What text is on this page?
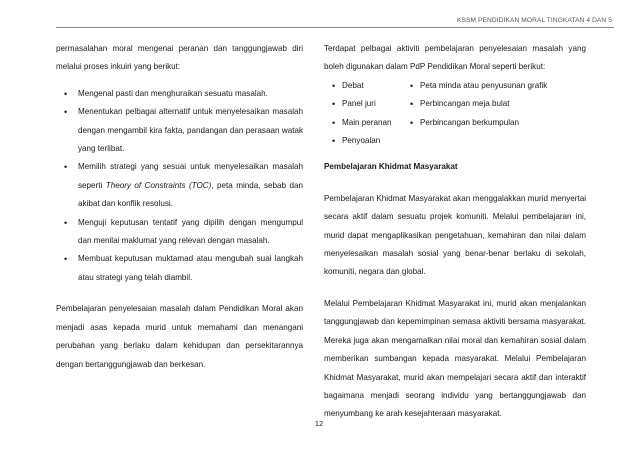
KSSM PENDIDIKAN MORAL TINGKATAN 4 DAN 5

permasalahan moral mengenai peranan dan tanggungjawab diri melalui proses inkuiri yang berikut:

• Mengenal pasti dan menghuraikan sesuatu masalah.
• Menentukan pelbagai alternatif untuk menyelesaikan masalah dengan mengambil kira fakta, pandangan dan perasaan watak yang terlibat.
• Memilih strategi yang sesuai untuk menyelesaikan masalah seperti Theory of Constraints (TOC), peta minda, sebab dan akibat dan konflik resolusi.
• Menguji keputusan tentatif yang dipilih dengan mengumpul dan menilai maklumat yang relevan dengan masalah.
• Membuat keputusan muktamad atau mengubah suai langkah atau strategi yang telah diambil.

Pembelajaran penyelesaian masalah dalam Pendidikan Moral akan menjadi asas kepada murid untuk memahami dan menangani perubahan yang berlaku dalam kehidupan dan persekitarannya dengan bertanggungjawab dan berkesan.

Terdapat pelbagai aktiviti pembelajaran penyelesaian masalah yang boleh digunakan dalam PdP Pendidikan Moral seperti berikut:

• Debat
• Panel juri
• Main peranan
• Penyoalan
• Peta minda atau penyusunan grafik
• Perbincangan meja bulat
• Perbincangan berkumpulan

Pembelajaran Khidmat Masyarakat

Pembelajaran Khidmat Masyarakat akan menggalakkan murid menyertai secara aktif dalam sesuatu projek komuniti. Melalui pembelajaran ini, murid dapat mengaplikasikan pengetahuan, kemahiran dan nilai dalam menyelesaikan masalah sosial yang benar-benar berlaku di sekolah, komuniti, negara dan global.

Melalui Pembelajaran Khidmat Masyarakat ini, murid akan menjalankan tanggungjawab dan kepemimpinan semasa aktiviti bersama masyarakat. Mereka juga akan mengamalkan nilai moral dan kemahiran sosial dalam memberikan sumbangan kepada masyarakat. Melalui Pembelajaran Khidmat Masyarakat, murid akan mempelajari secara aktif dan interaktif bagaimana menjadi seorang individu yang bertanggungjawab dan menyumbang ke arah kesejahteraan masyarakat.

12
